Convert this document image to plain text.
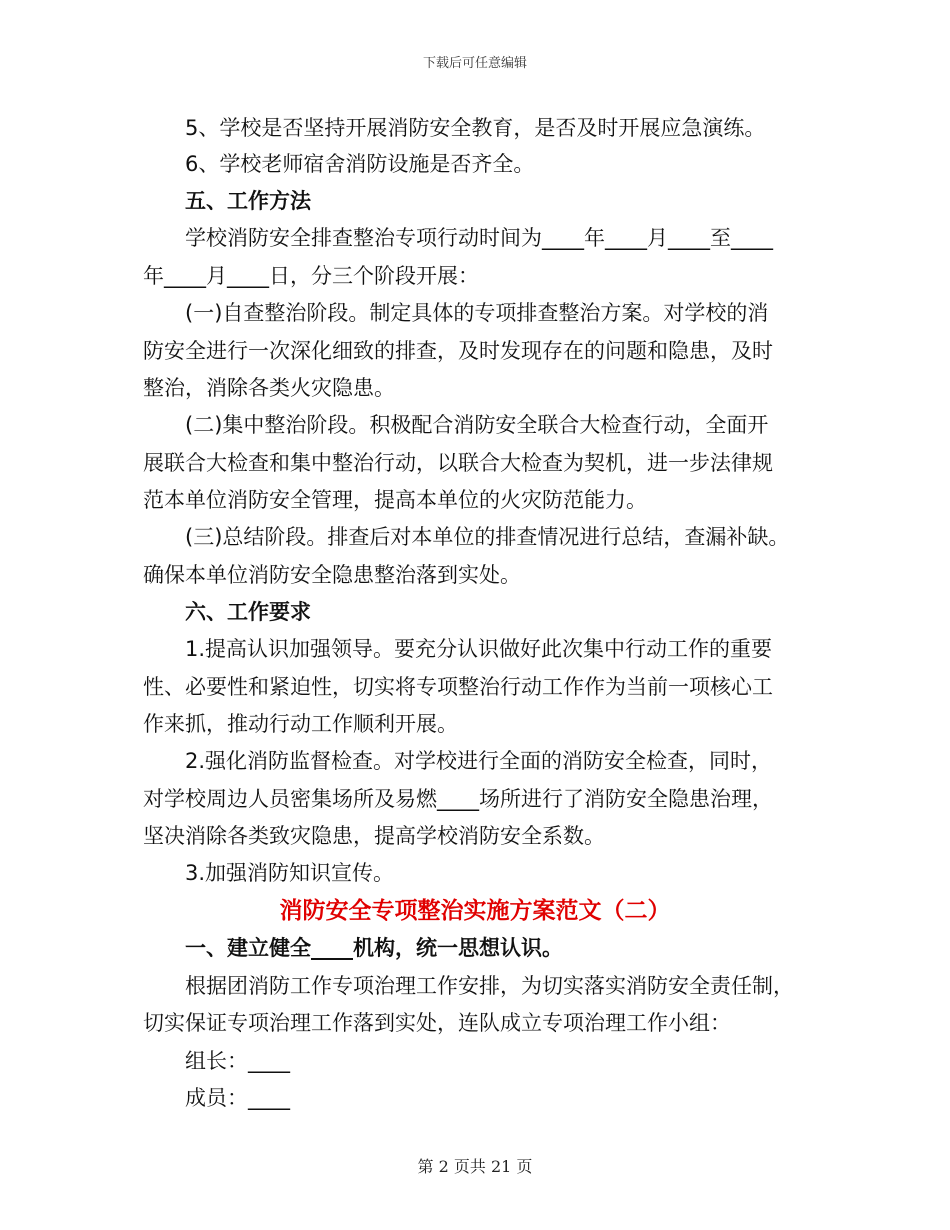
下载后可任意编辑
5、学校是否坚持开展消防安全教育，是否及时开展应急演练。
6、学校老师宿舍消防设施是否齐全。
五、工作方法
学校消防安全排查整治专项行动时间为____年____月____至____
年____月____日，分三个阶段开展：
(一)自查整治阶段。制定具体的专项排查整治方案。对学校的消
防安全进行一次深化细致的排查，及时发现存在的问题和隐患，及时
整治，消除各类火灾隐患。
(二)集中整治阶段。积极配合消防安全联合大检查行动，全面开
展联合大检查和集中整治行动，以联合大检查为契机，进一步法律规
范本单位消防安全管理，提高本单位的火灾防范能力。
(三)总结阶段。排查后对本单位的排查情况进行总结，查漏补缺。
确保本单位消防安全隐患整治落到实处。
六、工作要求
1.提高认识加强领导。要充分认识做好此次集中行动工作的重要
性、必要性和紧迫性，切实将专项整治行动工作作为当前一项核心工
作来抓，推动行动工作顺利开展。
2.强化消防监督检查。对学校进行全面的消防安全检查，同时，
对学校周边人员密集场所及易燃____场所进行了消防安全隐患治理，
坚决消除各类致灾隐患，提高学校消防安全系数。
3.加强消防知识宣传。
消防安全专项整治实施方案范文（二）
一、建立健全____机构，统一思想认识。
根据团消防工作专项治理工作安排，为切实落实消防安全责任制，
切实保证专项治理工作落到实处，连队成立专项治理工作小组：
组长：____
成员：____
第 2 页共 21 页
